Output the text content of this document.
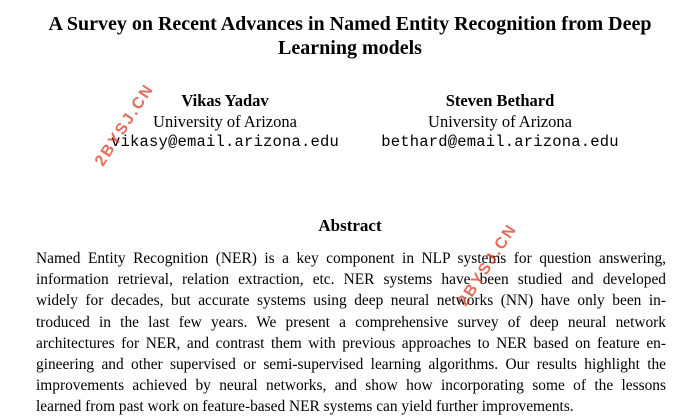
A Survey on Recent Advances in Named Entity Recognition from Deep
Learning models
Vikas Yadav
University of Arizona
vikasy@email.arizona.edu
Steven Bethard
University of Arizona
bethard@email.arizona.edu
Abstract
Named Entity Recognition (NER) is a key component in NLP systems for question answering,
information retrieval, relation extraction, etc. NER systems have been studied and developed
widely for decades, but accurate systems using deep neural networks (NN) have only been in-
troduced in the last few years. We present a comprehensive survey of deep neural network
architectures for NER, and contrast them with previous approaches to NER based on feature en-
gineering and other supervised or semi-supervised learning algorithms. Our results highlight the
improvements achieved by neural networks, and show how incorporating some of the lessons
learned from past work on feature-based NER systems can yield further improvements.
2BYSJ.CN
2BYSJ.CN
